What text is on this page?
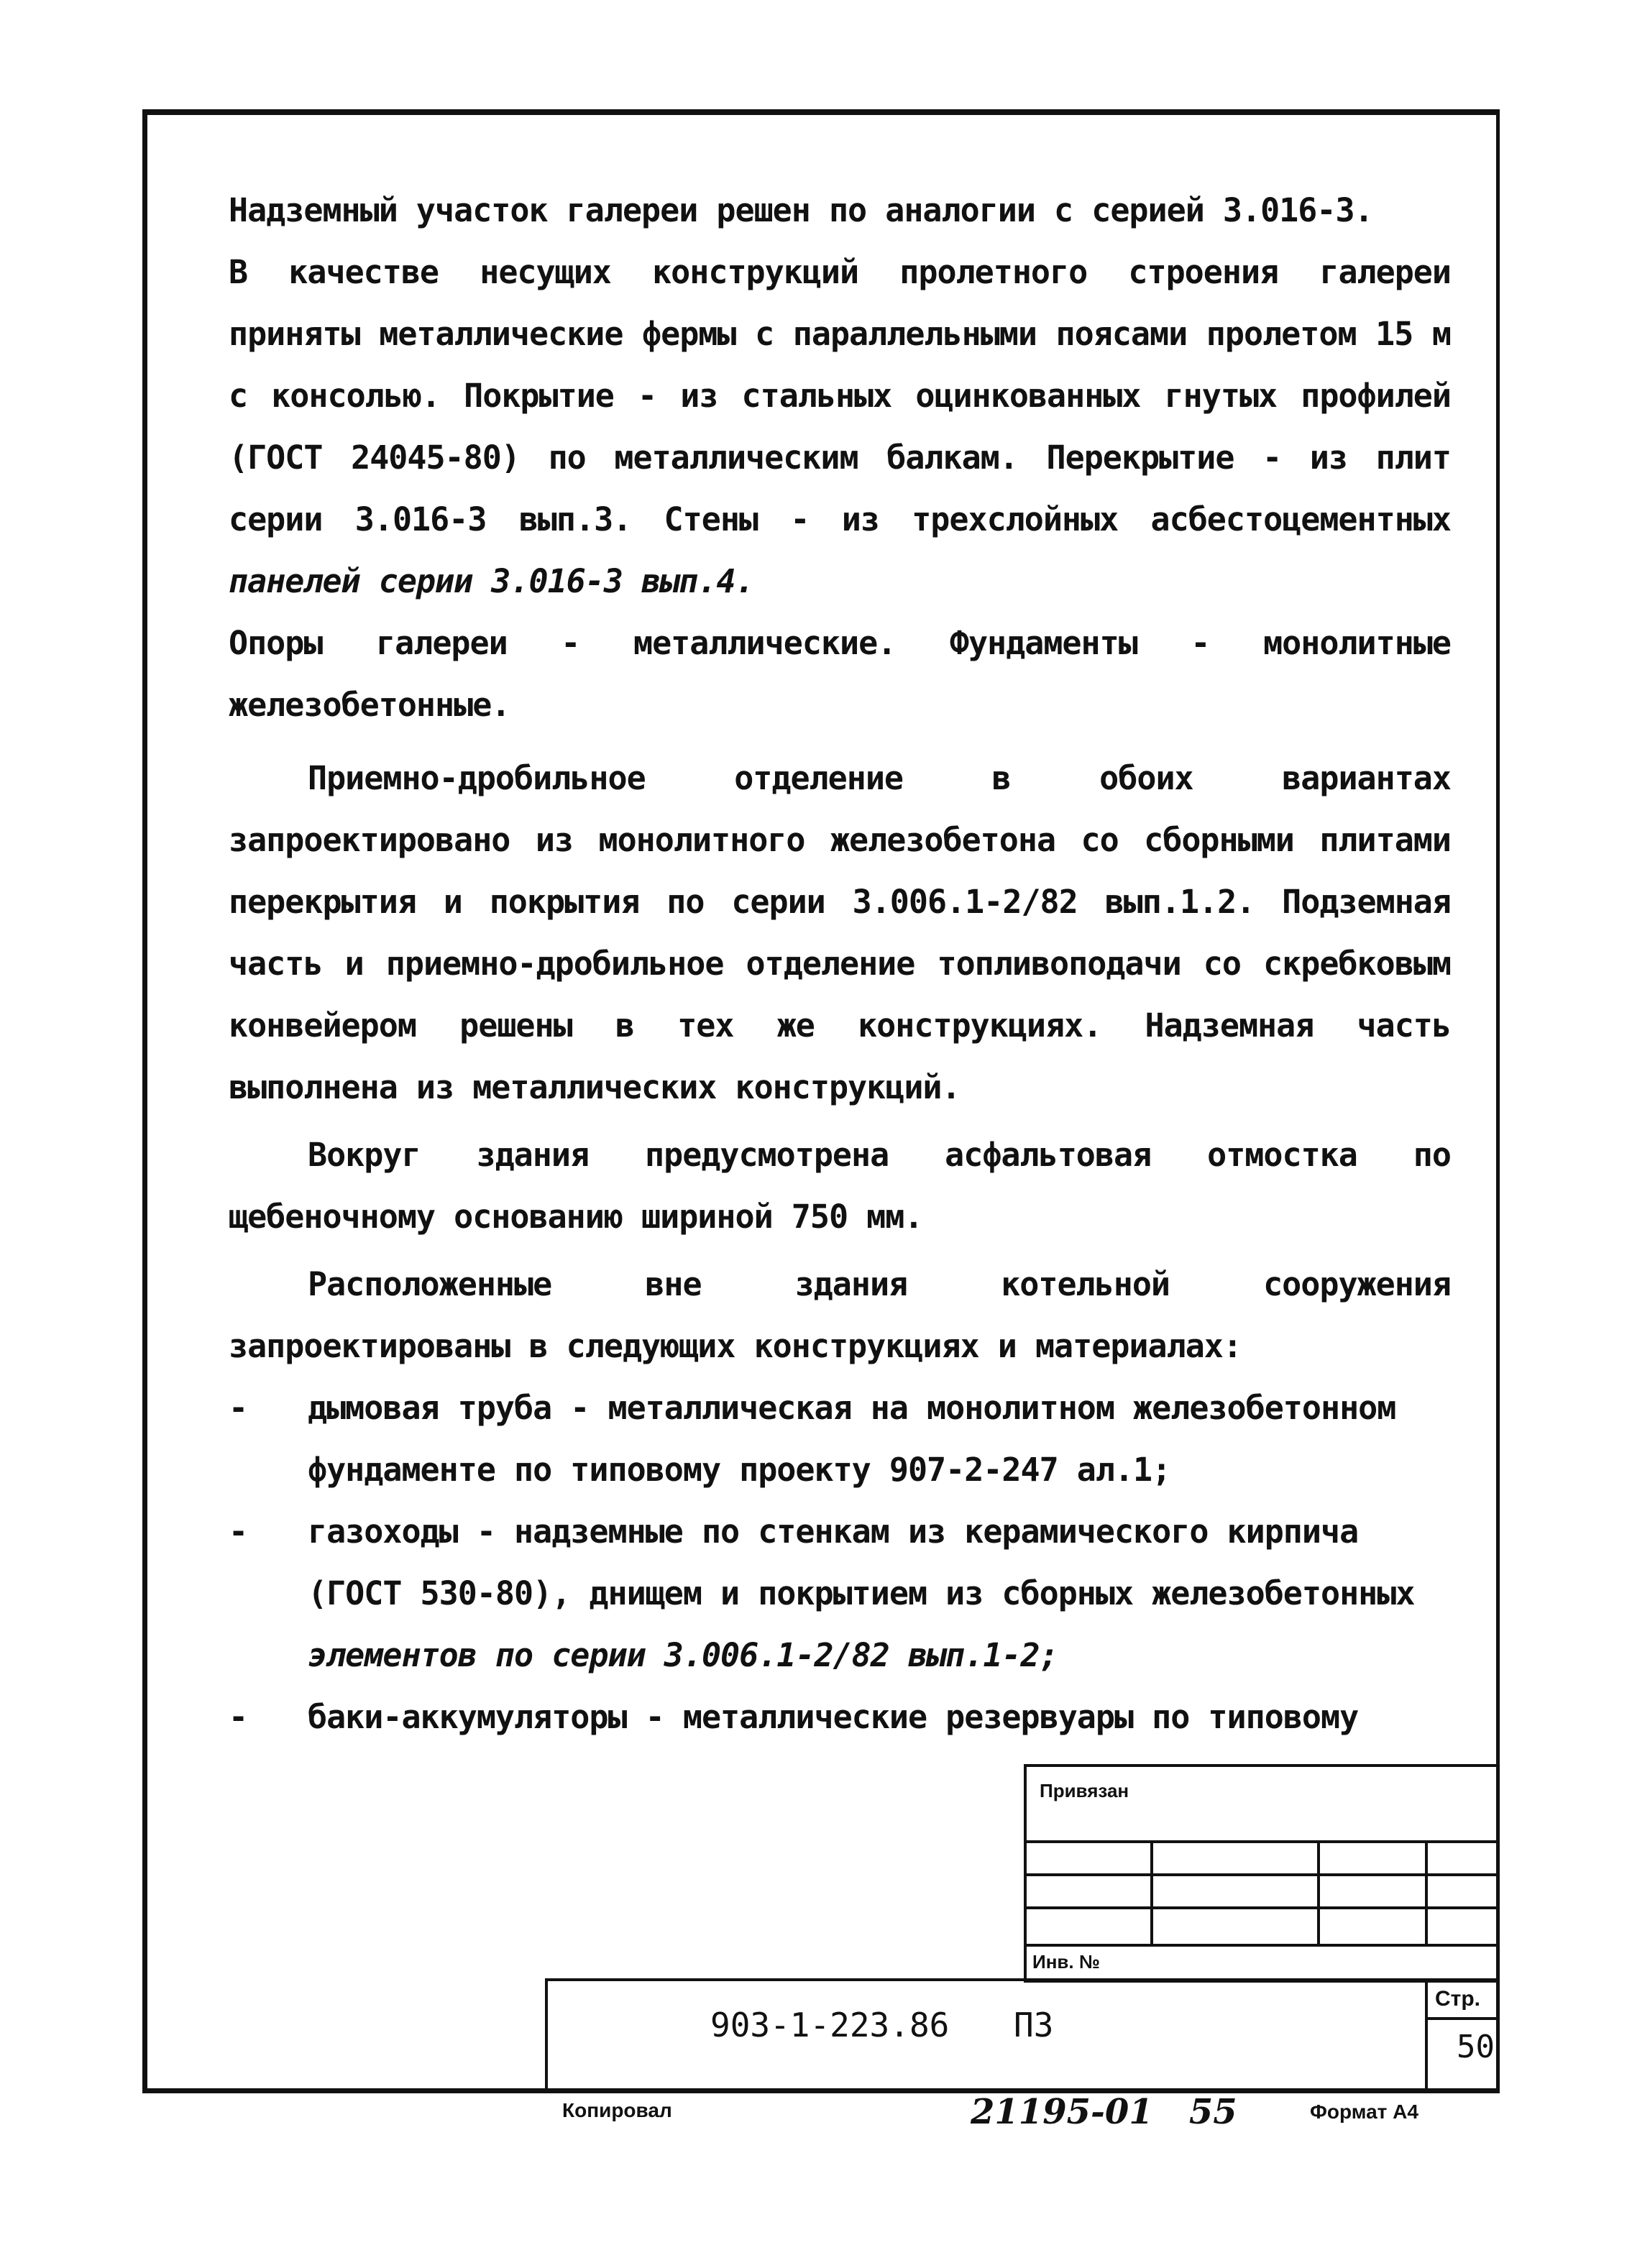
Надземный участок галереи решен по аналогии с серией 3.016-3.

В качестве несущих конструкций пролетного строения галереи приняты металлические фермы с параллельными поясами пролетом 15 м с консолью. Покрытие - из стальных оцинкованных гнутых профилей (ГОСТ 24045-80) по металлическим балкам. Перекрытие - из плит серии 3.016-3 вып.3. Стены - из трехслойных асбестоцементных панелей серии 3.016-3 вып.4.

Опоры галереи - металлические. Фундаменты - монолитные железобетонные.

Приемно-дробильное отделение в обоих вариантах запроектировано из монолитного железобетона со сборными плитами перекрытия и покрытия по серии 3.006.1-2/82 вып.1.2. Подземная часть и приемно-дробильное отделение топливоподачи со скребковым конвейером решены в тех же конструкциях. Надземная часть выполнена из металлических конструкций.

Вокруг здания предусмотрена асфальтовая отмостка по щебеночному основанию шириной 750 мм.

Расположенные вне здания котельной сооружения запроектированы в следующих конструкциях и материалах:

-	дымовая труба - металлическая на монолитном железобетонном фундаменте по типовому проекту 907-2-247 ал.1;
-	газоходы - надземные по стенкам из керамического кирпича (ГОСТ 530-80), днищем и покрытием из сборных железобетонных элементов по серии 3.006.1-2/82 вып.1-2;
-	баки-аккумуляторы - металлические резервуары по типовому
Привязан
Инв. №
903-1-223.86 ПЗ
Стр.
50
Копировал	21195-01   55	Формат А4
